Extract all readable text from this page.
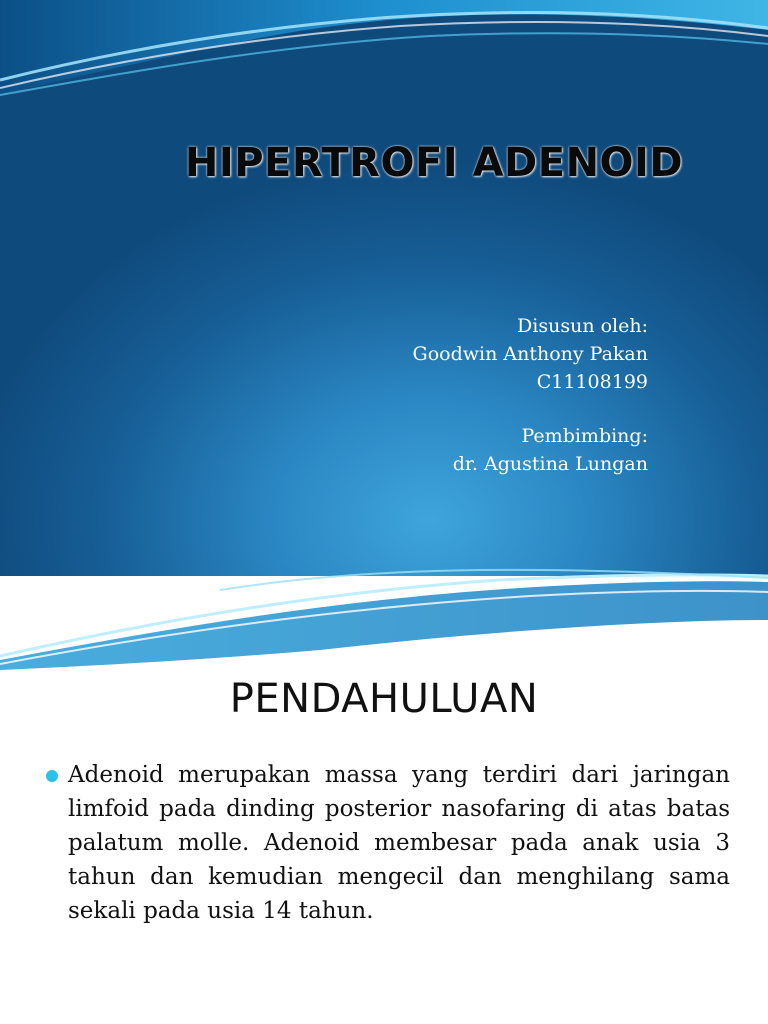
HIPERTROFI ADENOID
Disusun oleh:
Goodwin Anthony Pakan
C11108199
Pembimbing:
dr. Agustina Lungan
PENDAHULUAN
Adenoid merupakan massa yang terdiri dari jaringan limfoid pada dinding posterior nasofaring di atas batas palatum molle. Adenoid membesar pada anak usia 3 tahun dan kemudian mengecil dan menghilang sama sekali pada usia 14 tahun.
